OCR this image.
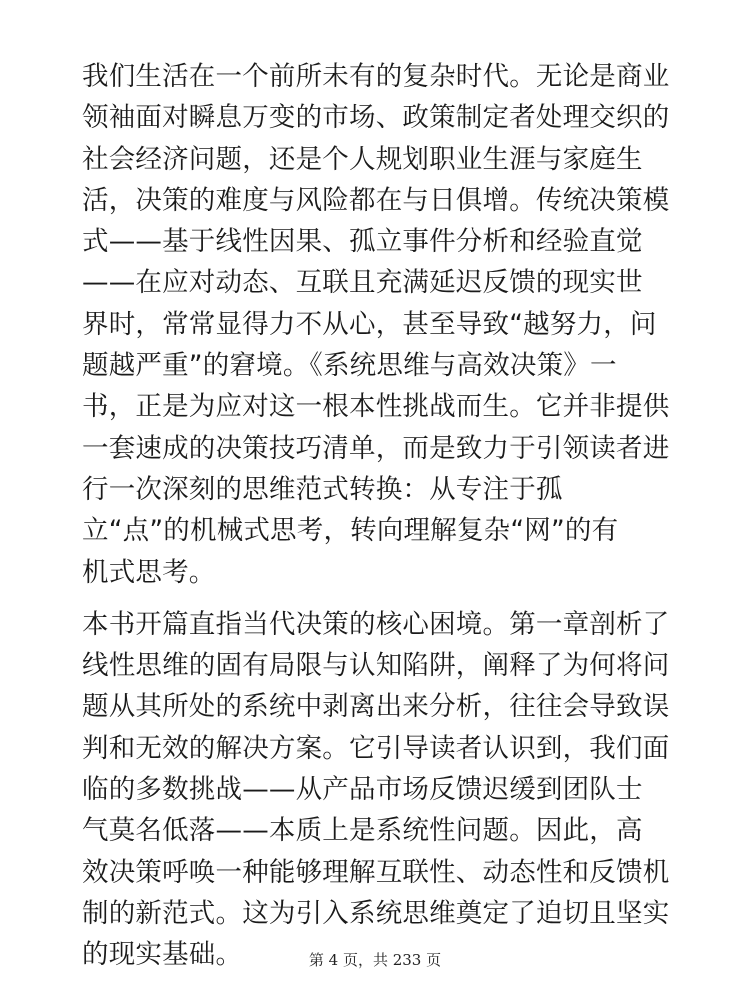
我们生活在一个前所未有的复杂时代。无论是商业
领袖面对瞬息万变的市场、政策制定者处理交织的
社会经济问题，还是个人规划职业生涯与家庭生
活，决策的难度与风险都在与日俱增。传统决策模
式——基于线性因果、孤立事件分析和经验直觉
——在应对动态、互联且充满延迟反馈的现实世
界时，常常显得力不从心，甚至导致“越努力，问
题越严重”的窘境。《系统思维与高效决策》一
书，正是为应对这一根本性挑战而生。它并非提供
一套速成的决策技巧清单，而是致力于引领读者进
行一次深刻的思维范式转换：从专注于孤
立“点”的机械式思考，转向理解复杂“网”的有
机式思考。

本书开篇直指当代决策的核心困境。第一章剖析了
线性思维的固有局限与认知陷阱，阐释了为何将问
题从其所处的系统中剥离出来分析，往往会导致误
判和无效的解决方案。它引导读者认识到，我们面
临的多数挑战——从产品市场反馈迟缓到团队士
气莫名低落——本质上是系统性问题。因此，高
效决策呼唤一种能够理解互联性、动态性和反馈机
制的新范式。这为引入系统思维奠定了迫切且坚实
的现实基础。	第 4 页，共 233 页
